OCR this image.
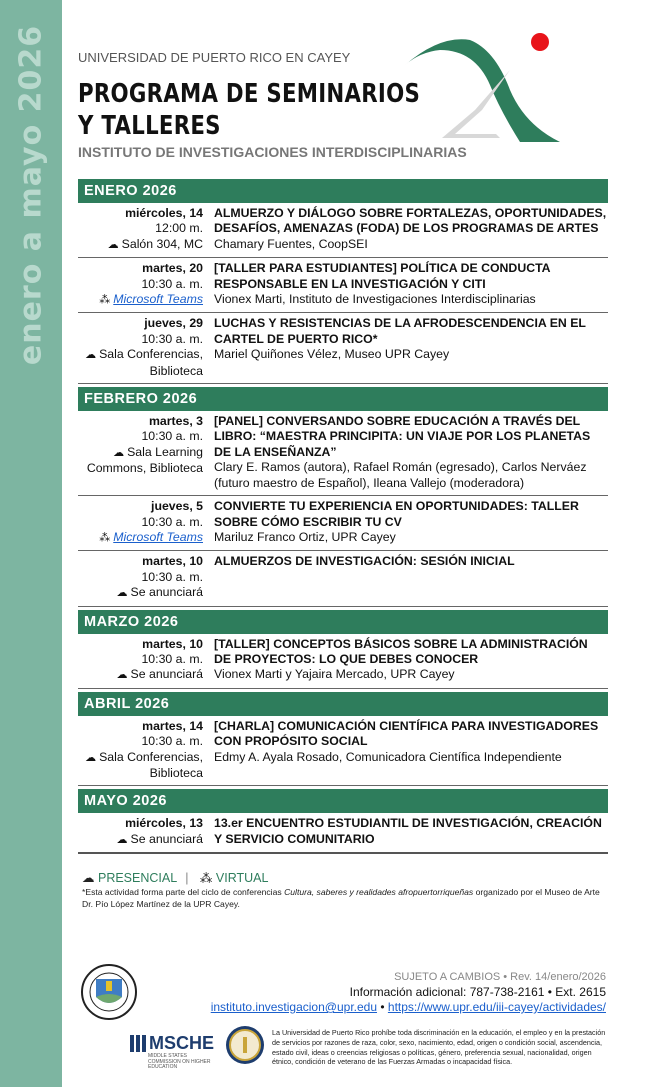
enero a mayo 2026 UNIVERSIDAD DE PUERTO RICO EN CAYEY
PROGRAMA DE SEMINARIOS
Y TALLERES
INSTITUTO DE INVESTIGACIONES INTERDISCIPLINARIAS
ENERO 2026
miércoles, 14
12:00 m.
☁ Salón 304, MC
ALMUERZO Y DIÁLOGO SOBRE FORTALEZAS, OPORTUNIDADES, DESAFÍOS, AMENAZAS (FODA) DE LOS PROGRAMAS DE ARTES
Chamary Fuentes, CoopSEI
martes, 20
10:30 a. m.
⁂ Microsoft Teams
[TALLER PARA ESTUDIANTES] POLÍTICA DE CONDUCTA RESPONSABLE EN LA INVESTIGACIÓN Y CITI
Vionex Marti, Instituto de Investigaciones Interdisciplinarias
jueves, 29
10:30 a. m.
☁ Sala Conferencias, Biblioteca
LUCHAS Y RESISTENCIAS DE LA AFRODESCENDENCIA EN EL CARTEL DE PUERTO RICO*
Mariel Quiñones Vélez, Museo UPR Cayey
FEBRERO 2026
martes, 3
10:30 a. m.
☁ Sala Learning Commons, Biblioteca
[PANEL] CONVERSANDO SOBRE EDUCACIÓN A TRAVÉS DEL LIBRO: “MAESTRA PRINCIPITA: UN VIAJE POR LOS PLANETAS DE LA ENSEÑANZA”
Clary E. Ramos (autora), Rafael Román (egresado), Carlos Nerváez (futuro maestro de Español), Ileana Vallejo (moderadora)
jueves, 5
10:30 a. m.
⁂ Microsoft Teams
CONVIERTE TU EXPERIENCIA EN OPORTUNIDADES: TALLER SOBRE CÓMO ESCRIBIR TU CV
Mariluz Franco Ortiz, UPR Cayey
martes, 10
10:30 a. m.
☁ Se anunciará
ALMUERZOS DE INVESTIGACIÓN: SESIÓN INICIAL
MARZO 2026
martes, 10
10:30 a. m.
☁ Se anunciará
[TALLER] CONCEPTOS BÁSICOS SOBRE LA ADMINISTRACIÓN DE PROYECTOS: LO QUE DEBES CONOCER
Vionex Marti y Yajaira Mercado, UPR Cayey
ABRIL 2026
martes, 14
10:30 a. m.
☁ Sala Conferencias, Biblioteca
[CHARLA] COMUNICACIÓN CIENTÍFICA PARA INVESTIGADORES CON PROPÓSITO SOCIAL
Edmy A. Ayala Rosado, Comunicadora Científica Independiente
MAYO 2026
miércoles, 13
☁ Se anunciará
13.er ENCUENTRO ESTUDIANTIL DE INVESTIGACIÓN, CREACIÓN Y SERVICIO COMUNITARIO
☁ PRESENCIAL | ⁂ VIRTUAL
*Esta actividad forma parte del ciclo de conferencias Cultura, saberes y realidades afropuertorriqueñas organizado por el Museo de Arte Dr. Pío López Martínez de la UPR Cayey.
SUJETO A CAMBIOS • Rev. 14/enero/2026
Información adicional: 787-738-2161 • Ext. 2615
instituto.investigacion@upr.edu • https://www.upr.edu/iii-cayey/actividades/
MSCHE
MIDDLE STATES COMMISSION ON HIGHER EDUCATION
La Universidad de Puerto Rico prohíbe toda discriminación en la educación, el empleo y en la prestación de servicios por razones de raza, color, sexo, nacimiento, edad, origen o condición social, ascendencia, estado civil, ideas o creencias religiosas o políticas, género, preferencia sexual, nacionalidad, origen étnico, condición de veterano de las Fuerzas Armadas o incapacidad física.
